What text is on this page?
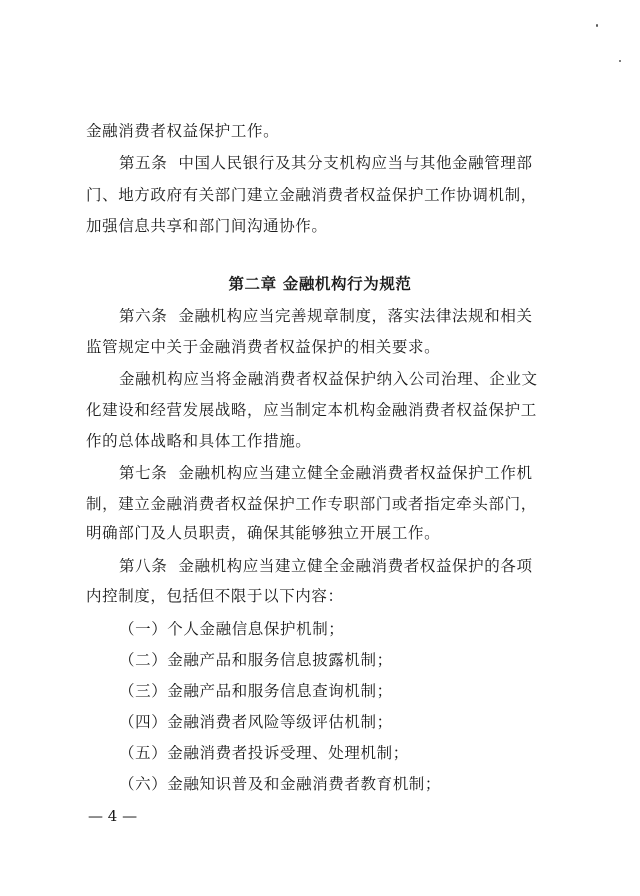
金融消费者权益保护工作。
第五条  中国人民银行及其分支机构应当与其他金融管理部
门、地方政府有关部门建立金融消费者权益保护工作协调机制，
加强信息共享和部门间沟通协作。
第二章 金融机构行为规范
第六条  金融机构应当完善规章制度，落实法律法规和相关
监管规定中关于金融消费者权益保护的相关要求。
金融机构应当将金融消费者权益保护纳入公司治理、企业文
化建设和经营发展战略，应当制定本机构金融消费者权益保护工
作的总体战略和具体工作措施。
第七条  金融机构应当建立健全金融消费者权益保护工作机
制，建立金融消费者权益保护工作专职部门或者指定牵头部门，
明确部门及人员职责，确保其能够独立开展工作。
第八条  金融机构应当建立健全金融消费者权益保护的各项
内控制度，包括但不限于以下内容：
（一）个人金融信息保护机制；
（二）金融产品和服务信息披露机制；
（三）金融产品和服务信息查询机制；
（四）金融消费者风险等级评估机制；
（五）金融消费者投诉受理、处理机制；
（六）金融知识普及和金融消费者教育机制；
— 4 —
